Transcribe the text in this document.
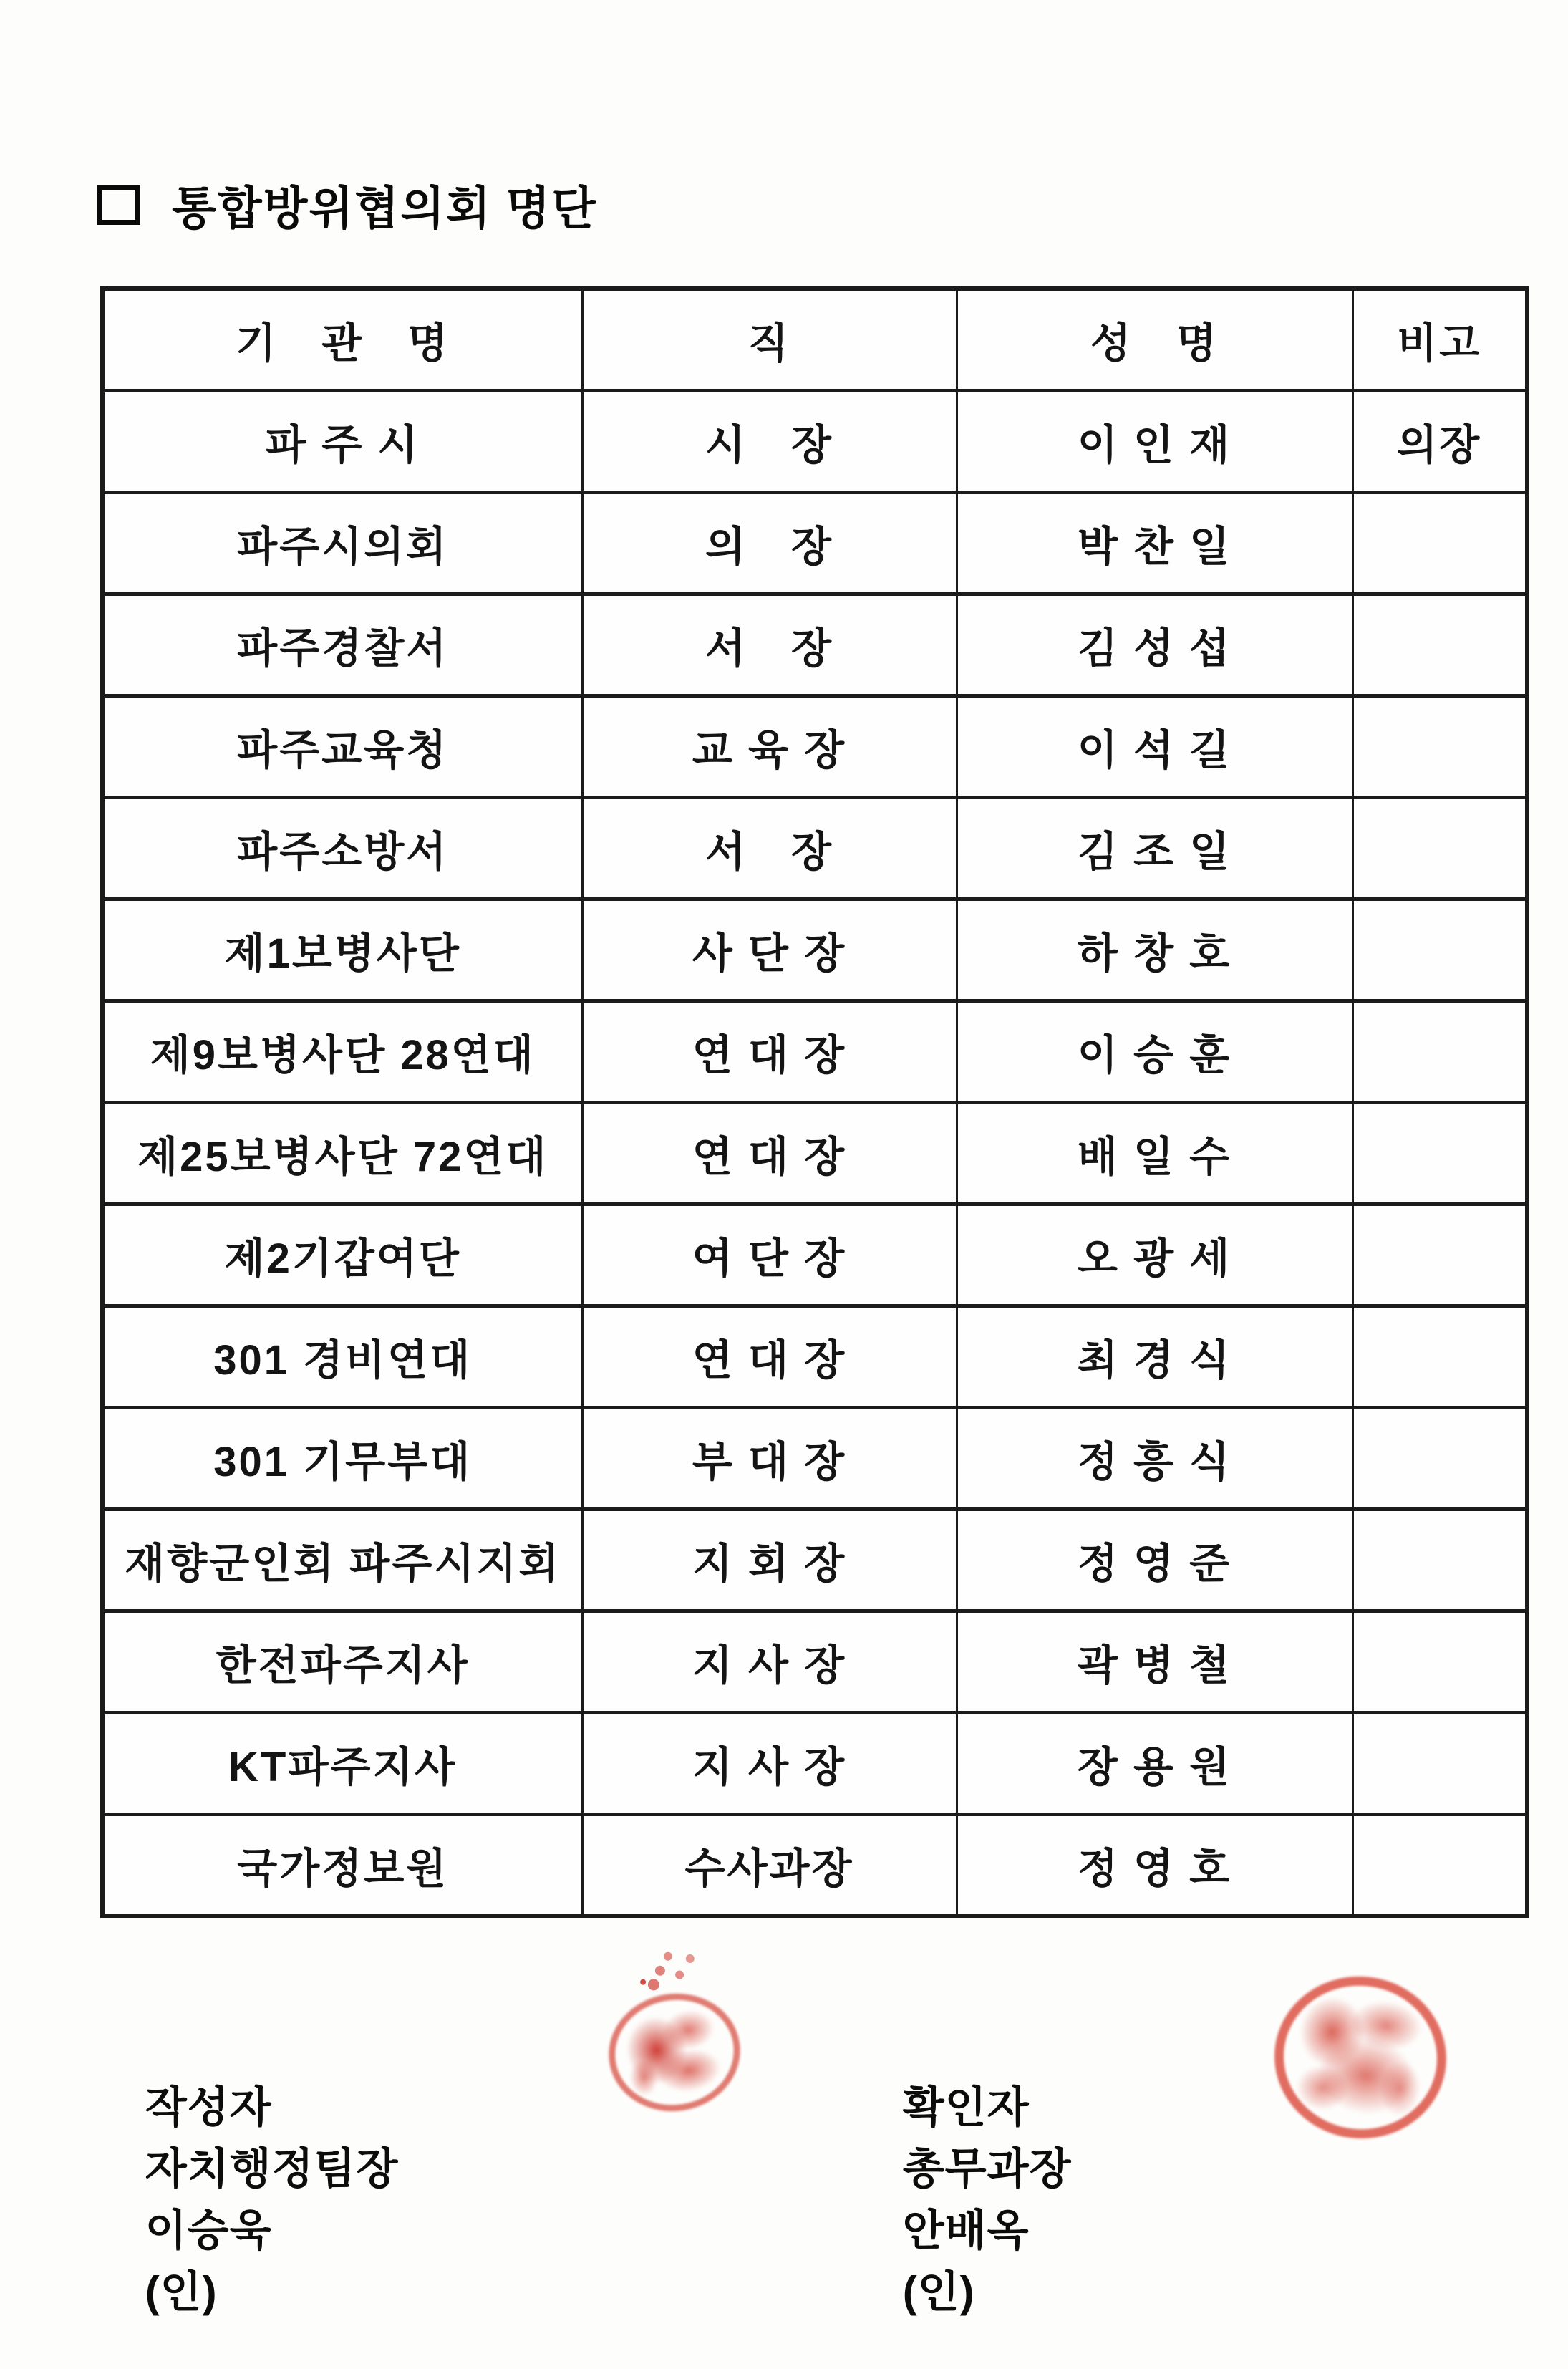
통합방위협의회 명단
기　관　명	직	성　명	비고
파 주 시	시　장	이 인 재	의장
파주시의회	의　장	박 찬 일	
파주경찰서	서　장	김 성 섭	
파주교육청	교 육 장	이 석 길	
파주소방서	서　장	김 조 일	
제1보병사단	사 단 장	하 창 호	
제9보병사단 28연대	연 대 장	이 승 훈	
제25보병사단 72연대	연 대 장	배 일 수	
제2기갑여단	여 단 장	오 광 세	
301 경비연대	연 대 장	최 경 식	
301 기무부대	부 대 장	정 흥 식	
재향군인회 파주시지회	지 회 장	정 영 준	
한전파주지사	지 사 장	곽 병 철	
KT파주지사	지 사 장	장 용 원	
국가정보원	수사과장	정 영 호	

작성자
자치행정팀장
이승욱
(인)

확인자
총무과장
안배옥
(인)
